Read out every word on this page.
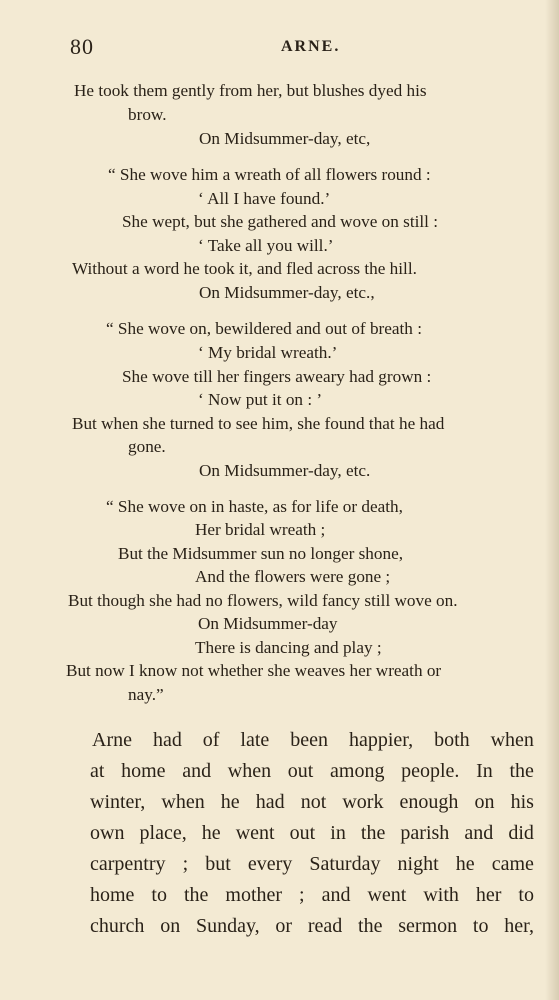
80	ARNE.
He took them gently from her, but blushes dyed his
brow.
On Midsummer-day, etc,
“ She wove him a wreath of all flowers round :
‘ All I have found.’
She wept, but she gathered and wove on still :
‘ Take all you will.’
Without a word he took it, and fled across the hill.
On Midsummer-day, etc.,
“ She wove on, bewildered and out of breath :
‘ My bridal wreath.’
She wove till her fingers aweary had grown :
‘ Now put it on : ’
But when she turned to see him, she found that he had
gone.
On Midsummer-day, etc.
“ She wove on in haste, as for life or death,
Her bridal wreath ;
But the Midsummer sun no longer shone,
And the flowers were gone ;
But though she had no flowers, wild fancy still wove on.
On Midsummer-day
There is dancing and play ;
But now I know not whether she weaves her wreath or
nay.”
Arne had of late been happier, both when
at home and when out among people. In the
winter, when he had not work enough on his
own place, he went out in the parish and did
carpentry ; but every Saturday night he came
home to the mother ; and went with her to
church on Sunday, or read the sermon to her,
